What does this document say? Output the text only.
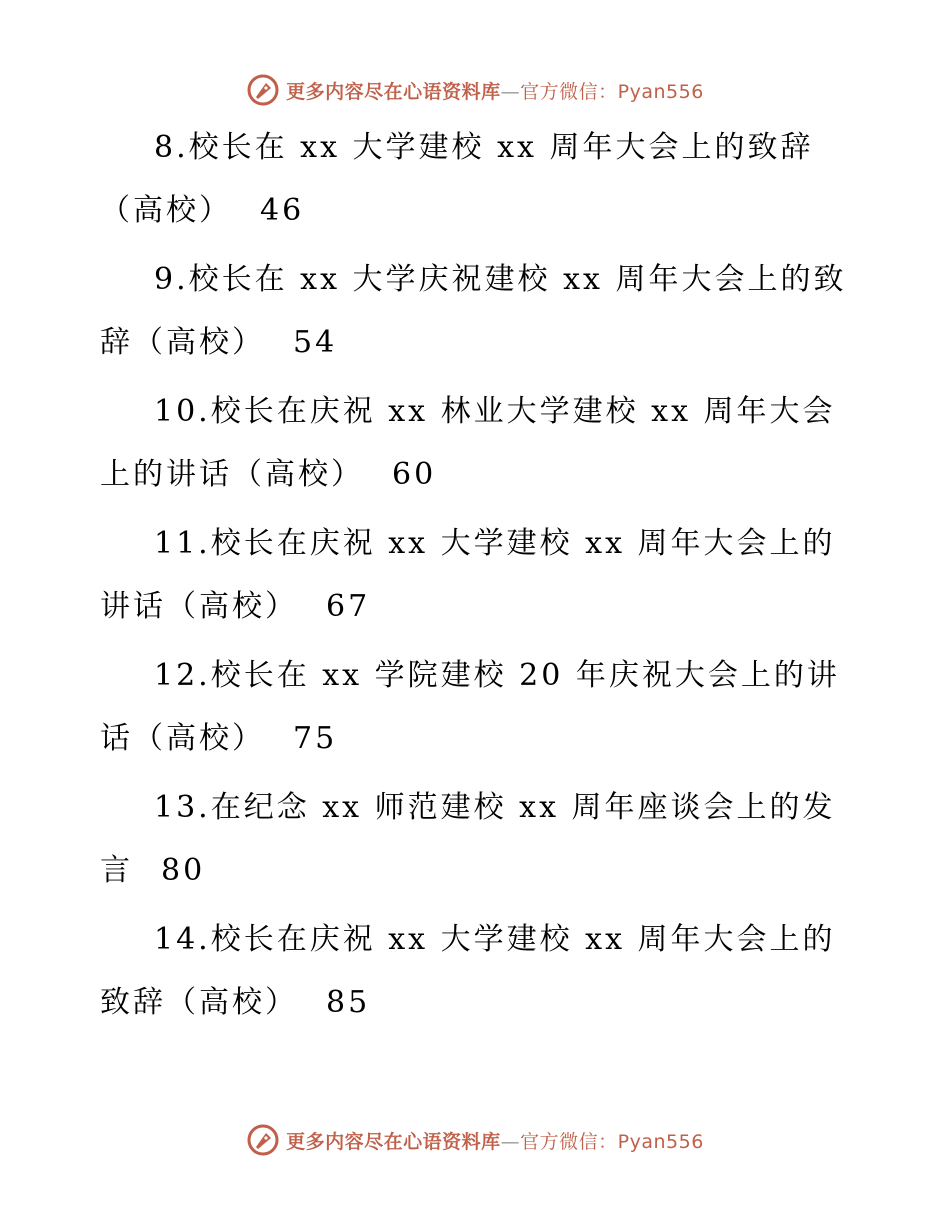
更多内容尽在心语资料库—官方微信：Pyan556

8.校长在 xx 大学建校 xx 周年大会上的致辞（高校） 46

9.校长在 xx 大学庆祝建校 xx 周年大会上的致辞（高校） 54

10.校长在庆祝 xx 林业大学建校 xx 周年大会上的讲话（高校） 60

11.校长在庆祝 xx 大学建校 xx 周年大会上的讲话（高校） 67

12.校长在 xx 学院建校 20 年庆祝大会上的讲话（高校） 75

13.在纪念 xx 师范建校 xx 周年座谈会上的发言 80

14.校长在庆祝 xx 大学建校 xx 周年大会上的致辞（高校） 85

更多内容尽在心语资料库—官方微信：Pyan556
